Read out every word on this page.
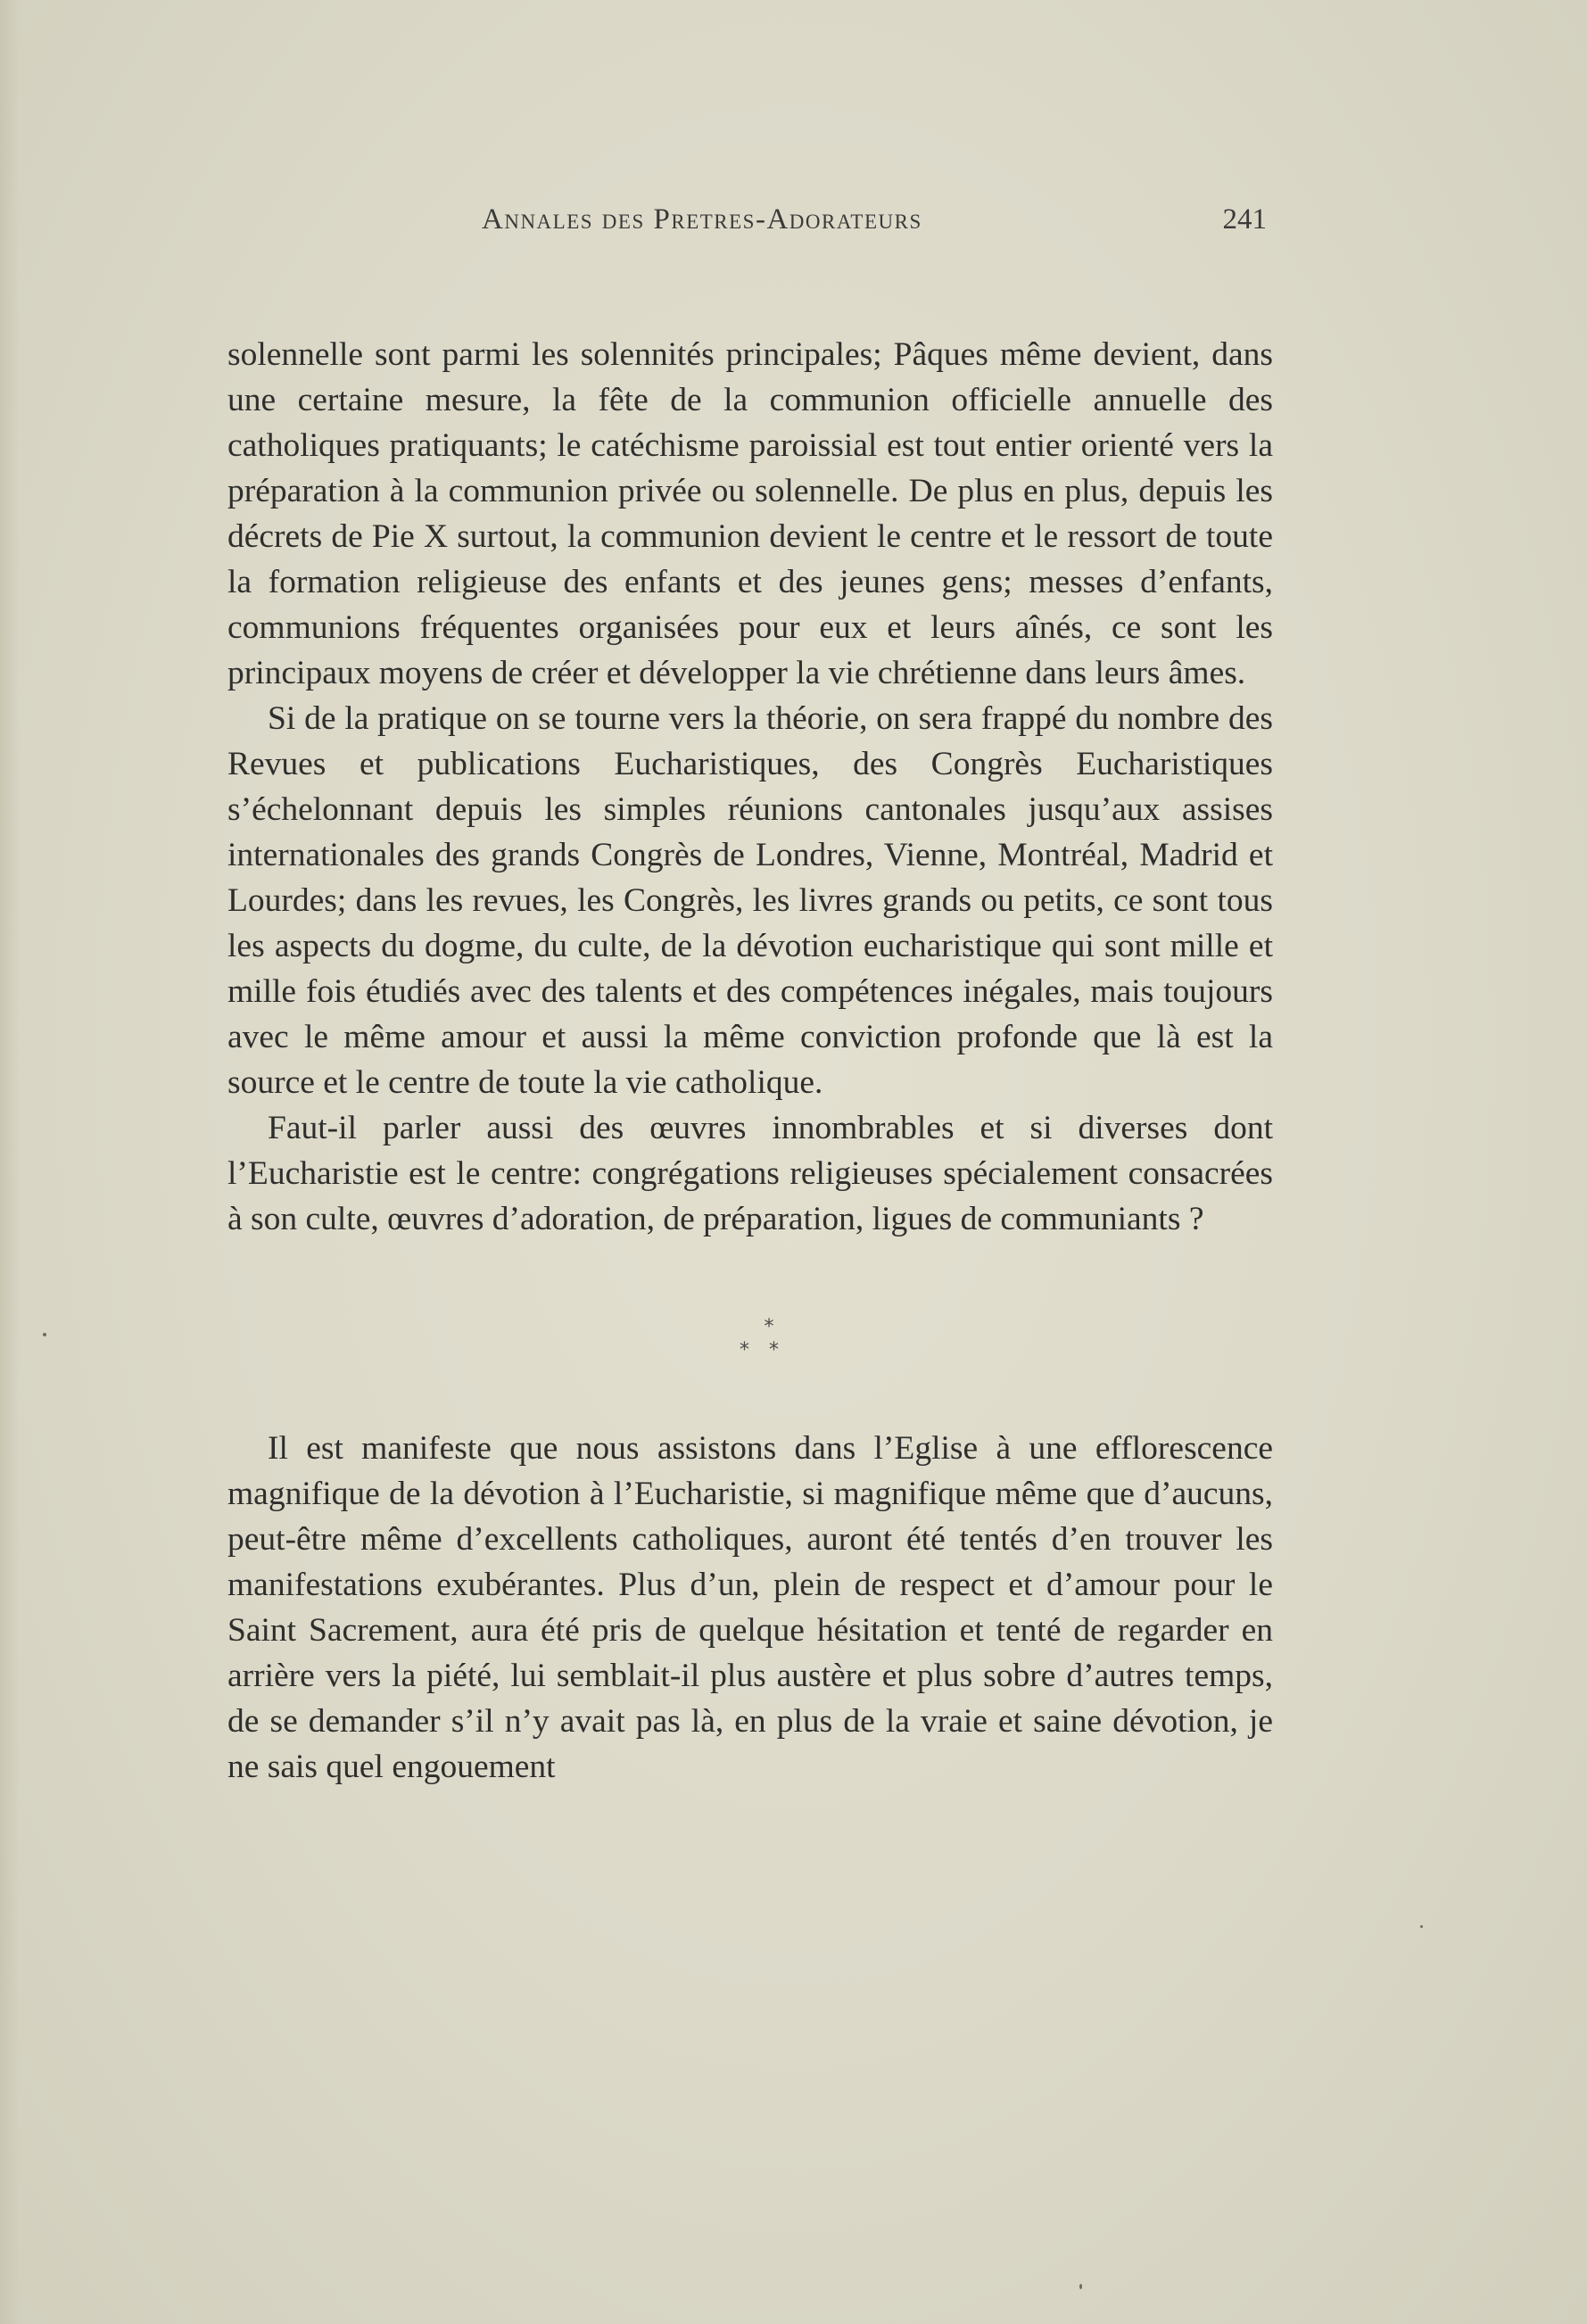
Annales des Pretres-Adorateurs	241

solennelle sont parmi les solennités principales; Pâques même devient, dans une certaine mesure, la fête de la communion officielle annuelle des catholiques pratiquants; le catéchisme paroissial est tout entier orienté vers la préparation à la communion privée ou solennelle. De plus en plus, depuis les décrets de Pie X surtout, la communion devient le centre et le ressort de toute la formation religieuse des enfants et des jeunes gens; messes d’enfants, communions fréquentes organisées pour eux et leurs aînés, ce sont les principaux moyens de créer et développer la vie chrétienne dans leurs âmes.

Si de la pratique on se tourne vers la théorie, on sera frappé du nombre des Revues et publications Eucharistiques, des Congrès Eucharistiques s’échelonnant depuis les simples réunions cantonales jusqu’aux assises internationales des grands Congrès de Londres, Vienne, Montréal, Madrid et Lourdes; dans les revues, les Congrès, les livres grands ou petits, ce sont tous les aspects du dogme, du culte, de la dévotion eucharistique qui sont mille et mille fois étudiés avec des talents et des compétences inégales, mais toujours avec le même amour et aussi la même conviction profonde que là est la source et le centre de toute la vie catholique.

Faut-il parler aussi des œuvres innombrables et si diverses dont l’Eucharistie est le centre: congrégations religieuses spécialement consacrées à son culte, œuvres d’adoration, de préparation, ligues de communiants ?

*
**

Il est manifeste que nous assistons dans l’Eglise à une efflorescence magnifique de la dévotion à l’Eucharistie, si magnifique même que d’aucuns, peut-être même d’excellents catholiques, auront été tentés d’en trouver les manifestations exubérantes. Plus d’un, plein de respect et d’amour pour le Saint Sacrement, aura été pris de quelque hésitation et tenté de regarder en arrière vers la piété, lui semblait-il plus austère et plus sobre d’autres temps, de se demander s’il n’y avait pas là, en plus de la vraie et saine dévotion, je ne sais quel engouement
